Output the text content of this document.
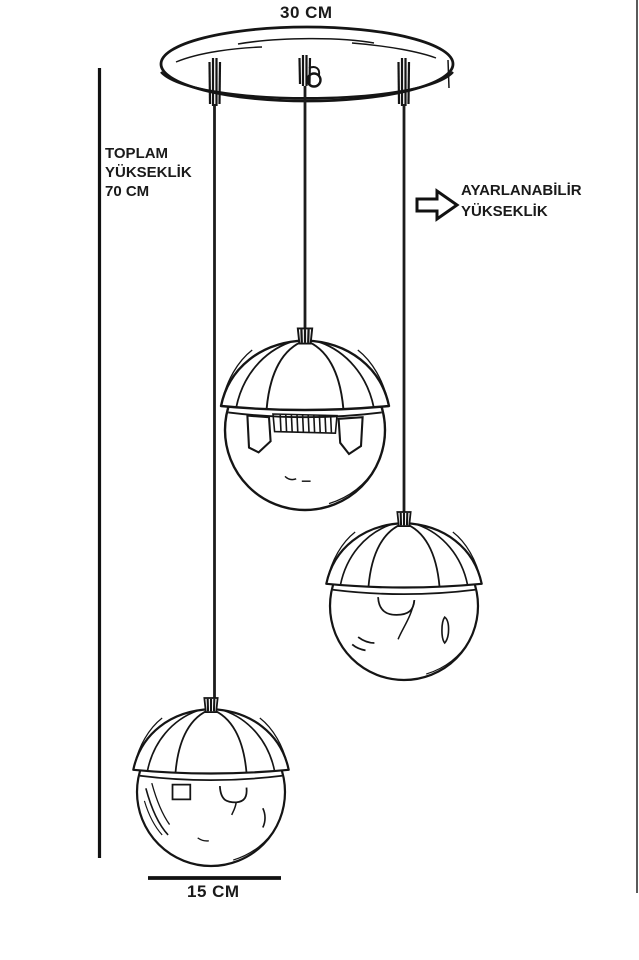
30 CM
TOPLAM
YÜKSEKLİK
70 CM	AYARLANABİLİR
YÜKSEKLİK
15 CM
